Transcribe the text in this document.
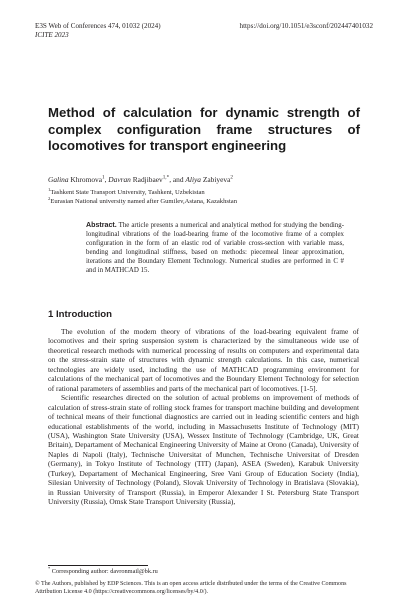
E3S Web of Conferences 474, 01032 (2024)	https://doi.org/10.1051/e3sconf/202447401032
ICITE 2023
Method of calculation for dynamic strength of complex configuration frame structures of locomotives for transport engineering
Galina Khromova$^1$, Davran Radjibaev$^{1,*}$, and Aliya Zabiyeva$^2$
$^1$Tashkent State Transport University, Tashkent, Uzbekistan
$^2$Eurasian National university named after Gumilev,Astana, Kazakhstan
Abstract. The article presents a numerical and analytical method for studying the bending-longitudinal vibrations of the load-bearing frame of the locomotive frame of a complex configuration in the form of an elastic rod of variable cross-section with variable mass, bending and longitudinal stiffness, based on methods: piecemeal linear approximation, iterations and the Boundary Element Technology. Numerical studies are performed in C # and in MATHCAD 15.
1 Introduction

The evolution of the modern theory of vibrations of the load-bearing equivalent frame of locomotives and their spring suspension system is characterized by the simultaneous wide use of theoretical research methods with numerical processing of results on computers and experimental data on the stress-strain state of structures with dynamic strength calculations. In this case, numerical technologies are widely used, including the use of MATHCAD programming environment for calculations of the mechanical part of locomotives and the Boundary Element Technology for selection of rational parameters of assemblies and parts of the mechanical part of locomotives. [1-5].

Scientific researches directed on the solution of actual problems on improvement of methods of calculation of stress-strain state of rolling stock frames for transport machine building and development of technical means of their functional diagnostics are carried out in leading scientific centers and high educational establishments of the world, including in Massachusetts Institute of Technology (MIT) (USA), Washington State University (USA), Wessex Institute of Technology (Cambridge, UK, Great Britain), Departament of Mechanical Engineering University of Maine at Orono (Canada), University of Naples di Napoli (Italy), Technische Universitat of Munchen, Technische Universitat of Dresden (Germany), in Tokyo Institute of Technology (TIT) (Japan), ASEA (Sweden), Karabuk University (Turkey), Departament of Mechanical Engineering, Sree Vani Group of Education Society (India), Silesian University of Technology (Poland), Slovak University of Technology in Bratislava (Slovakia), in Russian University of Transport (Russia), in Emperor Alexander I St. Petersburg State Transport University (Russia), Omsk State Transport University (Russia),

* Corresponding author: davronmail@bk.ru
© The Authors, published by EDP Sciences. This is an open access article distributed under the terms of the Creative Commons Attribution License 4.0 (https://creativecommons.org/licenses/by/4.0/).
